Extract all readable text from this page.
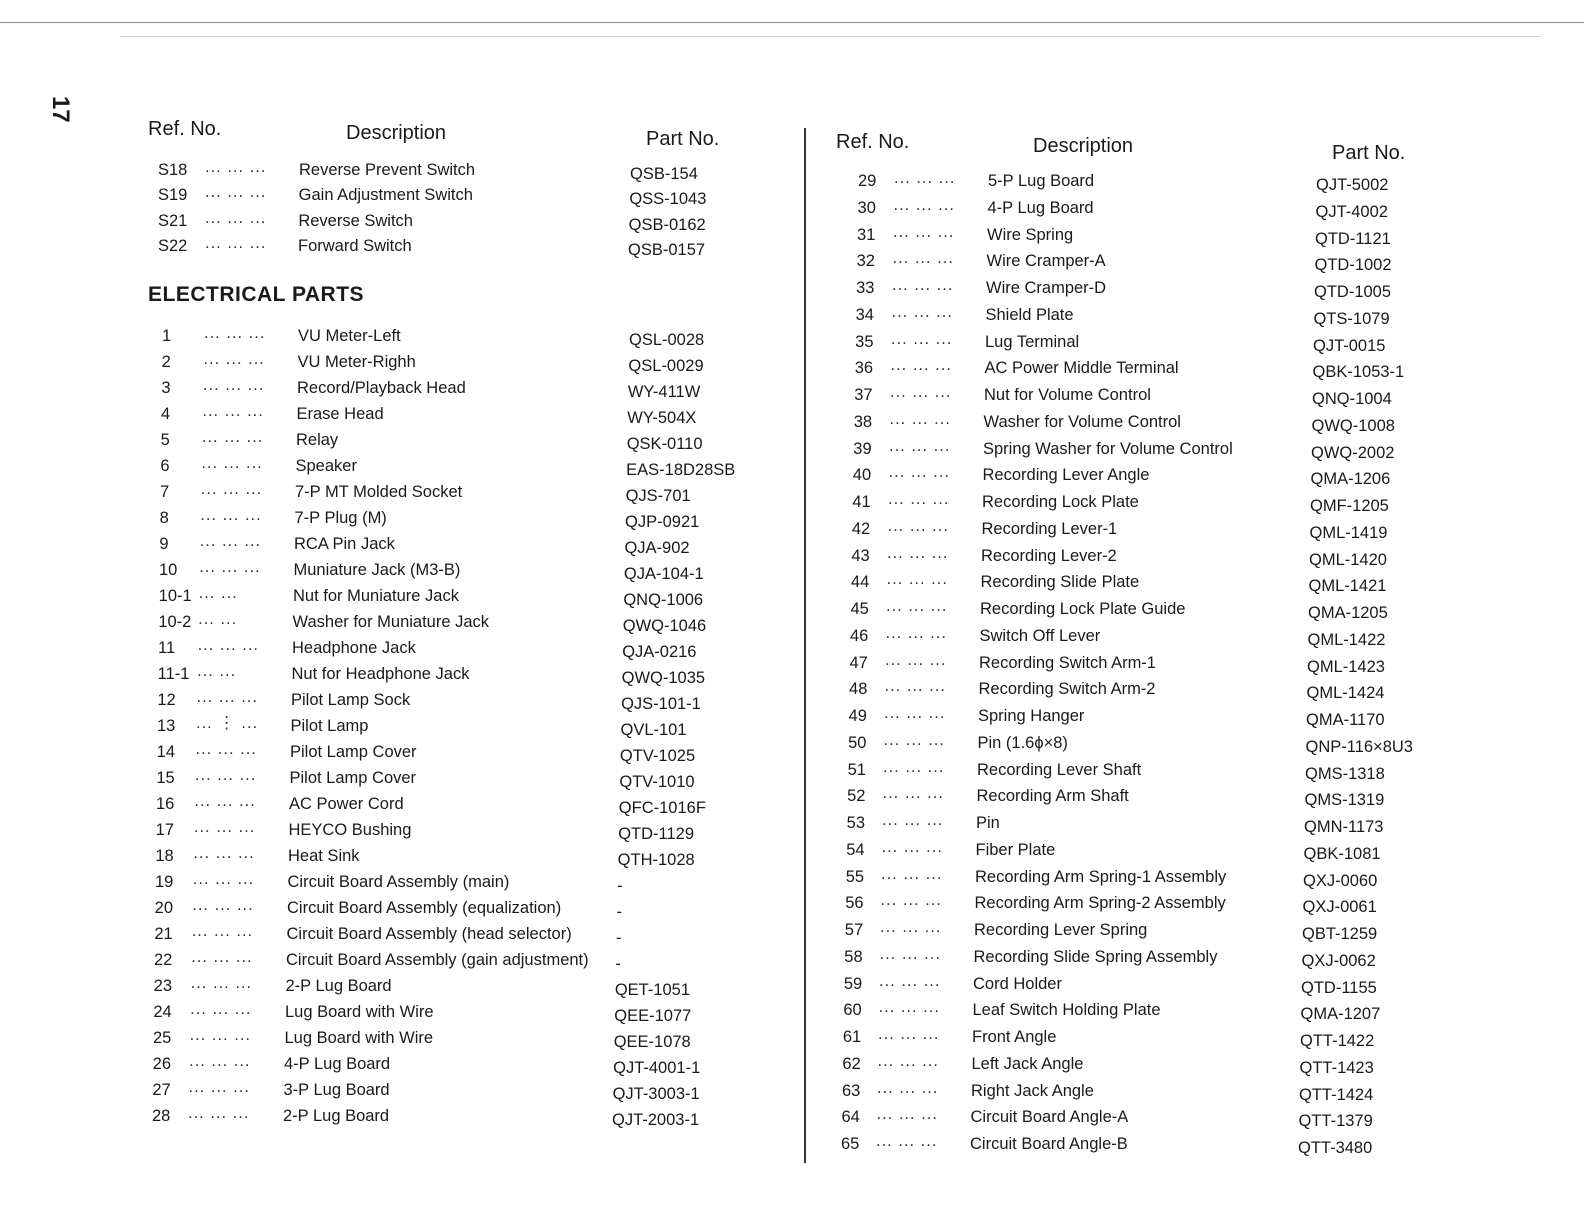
17
Ref. No.	Description	Part No.
S18 ... ... ... Reverse Prevent Switch	QSB-154
S19 ... ... ... Gain Adjustment Switch	QSS-1043
S21 ... ... ... Reverse Switch	QSB-0162
S22 ... ... ... Forward Switch	QSB-0157
ELECTRICAL PARTS
1 ... ... ... VU Meter-Left	QSL-0028
2 ... ... ... VU Meter-Righh	QSL-0029
3 ... ... ... Record/Playback Head	WY-411W
4 ... ... ... Erase Head	WY-504X
5 ... ... ... Relay	QSK-0110
6 ... ... ... Speaker	EAS-18D28SB
7 ... ... ... 7-P MT Molded Socket	QJS-701
8 ... ... ... 7-P Plug (M)	QJP-0921
9 ... ... ... RCA Pin Jack	QJA-902
10 ... ... ... Muniature Jack (M3-B)	QJA-104-1
10-1 ... ...	Nut for Muniature Jack	QNQ-1006
10-2 ... ...	Washer for Muniature Jack	QWQ-1046
11 ... ... ... Headphone Jack	QJA-0216
11-1 ... ...	Nut for Headphone Jack	QWQ-1035
12 ... ... ... Pilot Lamp Sock	QJS-101-1
13 ... ⋮ ... Pilot Lamp	QVL-101
14 ... ... ... Pilot Lamp Cover	QTV-1025
15 ... ... ... Pilot Lamp Cover	QTV-1010
16 ... ... ... AC Power Cord	QFC-1016F
17 ... ... ... HEYCO Bushing	QTD-1129
18 ... ... ... Heat Sink	QTH-1028
19 ... ... ... Circuit Board Assembly (main)	-
20 ... ... ... Circuit Board Assembly (equalization)	-
21 ... ... ... Circuit Board Assembly (head selector)	-
22 ... ... ... Circuit Board Assembly (gain adjustment) -
23 ... ... ... 2-P Lug Board	QET-1051
24 ... ... ... Lug Board with Wire	QEE-1077
25 ... ... ... Lug Board with Wire	QEE-1078
26 ... ... ... 4-P Lug Board	QJT-4001-1
27 ... ... ... 3-P Lug Board	QJT-3003-1
28 ... ... ... 2-P Lug Board	QJT-2003-1
Ref. No.	Description	Part No.
29 ... ... ... 5-P Lug Board	QJT-5002
30 ... ... ... 4-P Lug Board	QJT-4002
31 ... ... ... Wire Spring	QTD-1121
32 ... ... ... Wire Cramper-A	QTD-1002
33 ... ... ... Wire Cramper-D	QTD-1005
34 ... ... ... Shield Plate	QTS-1079
35 ... ... ... Lug Terminal	QJT-0015
36 ... ... ... AC Power Middle Terminal	QBK-1053-1
37 ... ... ... Nut for Volume Control	QNQ-1004
38 ... ... ... Washer for Volume Control	QWQ-1008
39 ... ... ... Spring Washer for Volume Control	QWQ-2002
40 ... ... ... Recording Lever Angle	QMA-1206
41 ... ... ... Recording Lock Plate	QMF-1205
42 ... ... ... Recording Lever-1	QML-1419
43 ... ... ... Recording Lever-2	QML-1420
44 ... ... ... Recording Slide Plate	QML-1421
45 ... ... ... Recording Lock Plate Guide	QMA-1205
46 ... ... ... Switch Off Lever	QML-1422
47 ... ... ... Recording Switch Arm-1	QML-1423
48 ... ... ... Recording Switch Arm-2	QML-1424
49 ... ... ... Spring Hanger	QMA-1170
50 ... ... ... Pin (1.6ϕ×8)	QNP-116×8U3
51 ... ... ... Recording Lever Shaft	QMS-1318
52 ... ... ... Recording Arm Shaft	QMS-1319
53 ... ... ... Pin	QMN-1173
54 ... ... ... Fiber Plate	QBK-1081
55 ... ... ... Recording Arm Spring-1 Assembly	QXJ-0060
56 ... ... ... Recording Arm Spring-2 Assembly	QXJ-0061
57 ... ... ... Recording Lever Spring	QBT-1259
58 ... ... ... Recording Slide Spring Assembly	QXJ-0062
59 ... ... ... Cord Holder	QTD-1155
60 ... ... ... Leaf Switch Holding Plate	QMA-1207
61 ... ... ... Front Angle	QTT-1422
62 ... ... ... Left Jack Angle	QTT-1423
63 ... ... ... Right Jack Angle	QTT-1424
64 ... ... ... Circuit Board Angle-A	QTT-1379
65 ... ... ... Circuit Board Angle-B	QTT-3480
